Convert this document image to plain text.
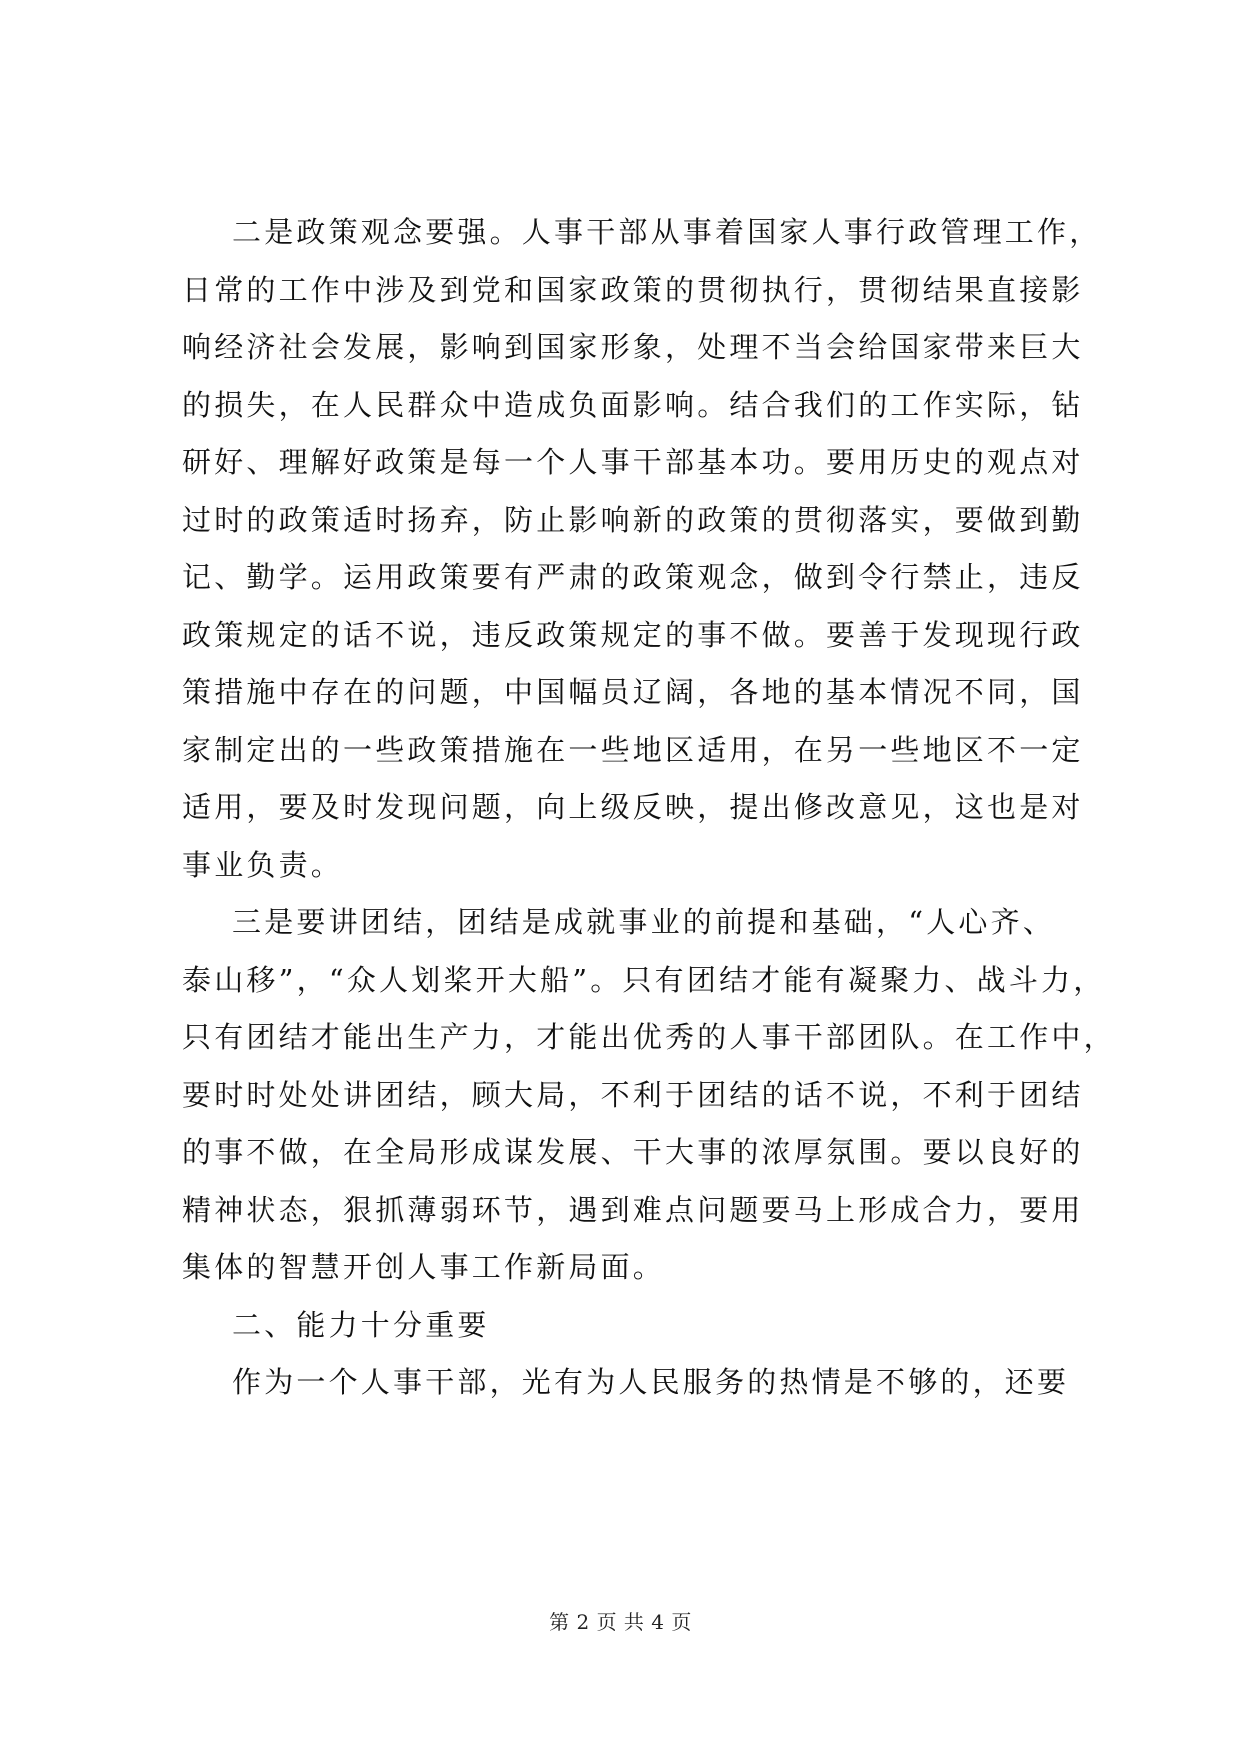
二是政策观念要强。人事干部从事着国家人事行政管理工作，
日常的工作中涉及到党和国家政策的贯彻执行，贯彻结果直接影
响经济社会发展，影响到国家形象，处理不当会给国家带来巨大
的损失，在人民群众中造成负面影响。结合我们的工作实际，钻
研好、理解好政策是每一个人事干部基本功。要用历史的观点对
过时的政策适时扬弃，防止影响新的政策的贯彻落实，要做到勤
记、勤学。运用政策要有严肃的政策观念，做到令行禁止，违反
政策规定的话不说，违反政策规定的事不做。要善于发现现行政
策措施中存在的问题，中国幅员辽阔，各地的基本情况不同，国
家制定出的一些政策措施在一些地区适用，在另一些地区不一定
适用，要及时发现问题，向上级反映，提出修改意见，这也是对
事业负责。
三是要讲团结，团结是成就事业的前提和基础，“人心齐、
泰山移”，“众人划桨开大船”。只有团结才能有凝聚力、战斗力，
只有团结才能出生产力，才能出优秀的人事干部团队。在工作中，
要时时处处讲团结，顾大局，不利于团结的话不说，不利于团结
的事不做，在全局形成谋发展、干大事的浓厚氛围。要以良好的
精神状态，狠抓薄弱环节，遇到难点问题要马上形成合力，要用
集体的智慧开创人事工作新局面。
二、能力十分重要
作为一个人事干部，光有为人民服务的热情是不够的，还要
第 2 页 共 4 页
